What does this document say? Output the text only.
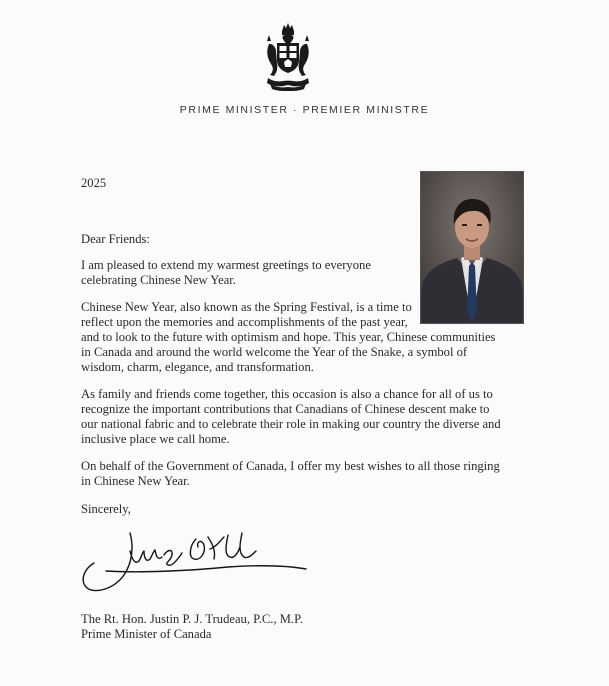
PRIME MINISTER · PREMIER MINISTRE
2025
Dear Friends:
I am pleased to extend my warmest greetings to everyone
celebrating Chinese New Year.
Chinese New Year, also known as the Spring Festival, is a time to
reflect upon the memories and accomplishments of the past year,
and to look to the future with optimism and hope. This year, Chinese communities
in Canada and around the world welcome the Year of the Snake, a symbol of
wisdom, charm, elegance, and transformation.
As family and friends come together, this occasion is also a chance for all of us to
recognize the important contributions that Canadians of Chinese descent make to
our national fabric and to celebrate their role in making our country the diverse and
inclusive place we call home.
On behalf of the Government of Canada, I offer my best wishes to all those ringing
in Chinese New Year.
Sincerely,
The Rt. Hon. Justin P. J. Trudeau, P.C., M.P.
Prime Minister of Canada
